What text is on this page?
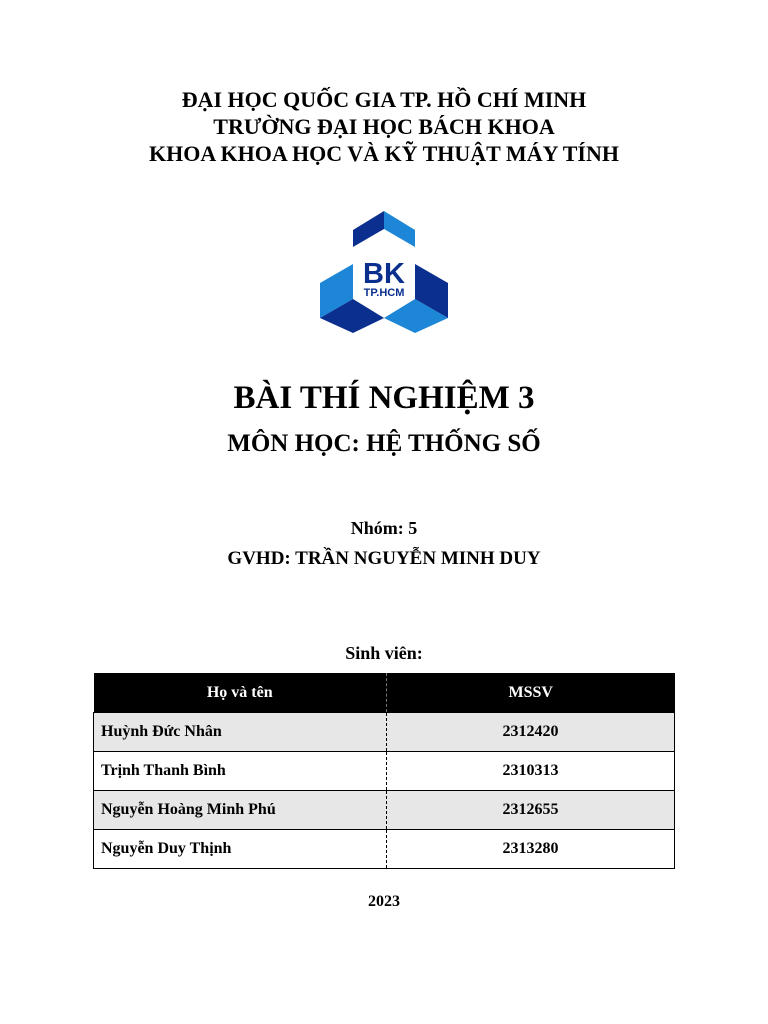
ĐẠI HỌC QUỐC GIA TP. HỒ CHÍ MINH
TRƯỜNG ĐẠI HỌC BÁCH KHOA
KHOA KHOA HỌC VÀ KỸ THUẬT MÁY TÍNH
BK
TP.HCM
BÀI THÍ NGHIỆM 3
MÔN HỌC: HỆ THỐNG SỐ
Nhóm: 5
GVHD: TRẦN NGUYỄN MINH DUY
Sinh viên:
Họ và tên	MSSV
Huỳnh Đức Nhân	2312420
Trịnh Thanh Bình	2310313
Nguyễn Hoàng Minh Phú	2312655
Nguyễn Duy Thịnh	2313280
2023
